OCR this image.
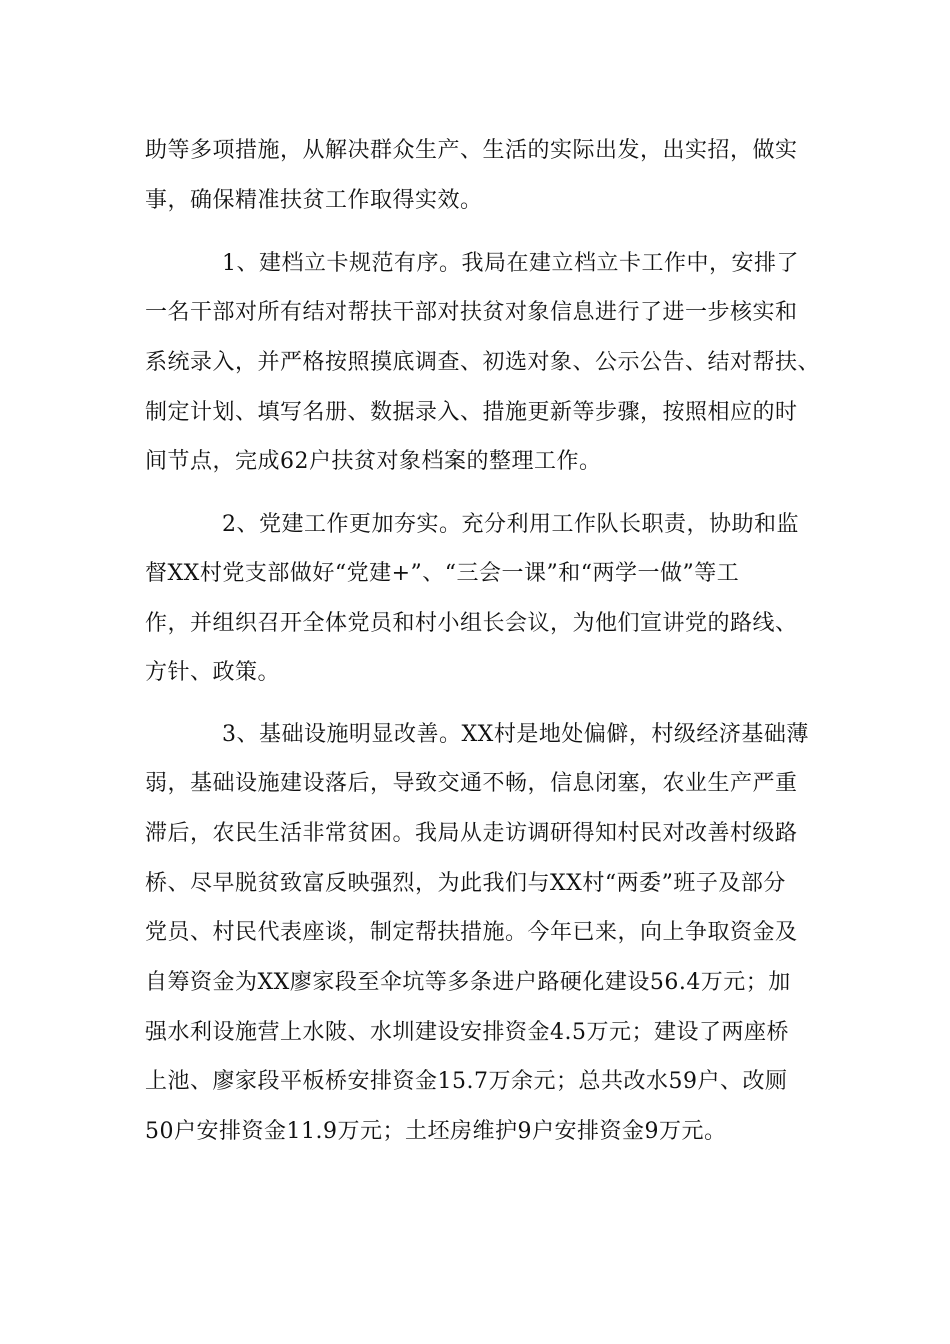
助等多项措施，从解决群众生产、生活的实际出发，出实招，做实
事，确保精准扶贫工作取得实效。
1、建档立卡规范有序。我局在建立档立卡工作中，安排了
一名干部对所有结对帮扶干部对扶贫对象信息进行了进一步核实和
系统录入，并严格按照摸底调查、初选对象、公示公告、结对帮扶、
制定计划、填写名册、数据录入、措施更新等步骤，按照相应的时
间节点，完成62户扶贫对象档案的整理工作。
2、党建工作更加夯实。充分利用工作队长职责，协助和监
督XX村党支部做好“党建+”、“三会一课”和“两学一做”等工
作，并组织召开全体党员和村小组长会议，为他们宣讲党的路线、
方针、政策。
3、基础设施明显改善。XX村是地处偏僻，村级经济基础薄
弱，基础设施建设落后，导致交通不畅，信息闭塞，农业生产严重
滞后，农民生活非常贫困。我局从走访调研得知村民对改善村级路
桥、尽早脱贫致富反映强烈，为此我们与XX村“两委”班子及部分
党员、村民代表座谈，制定帮扶措施。今年已来，向上争取资金及
自筹资金为XX廖家段至伞坑等多条进户路硬化建设56.4万元；加
强水利设施营上水陂、水圳建设安排资金4.5万元；建设了两座桥
上池、廖家段平板桥安排资金15.7万余元；总共改水59户、改厕
50户安排资金11.9万元；土坯房维护9户安排资金9万元。
